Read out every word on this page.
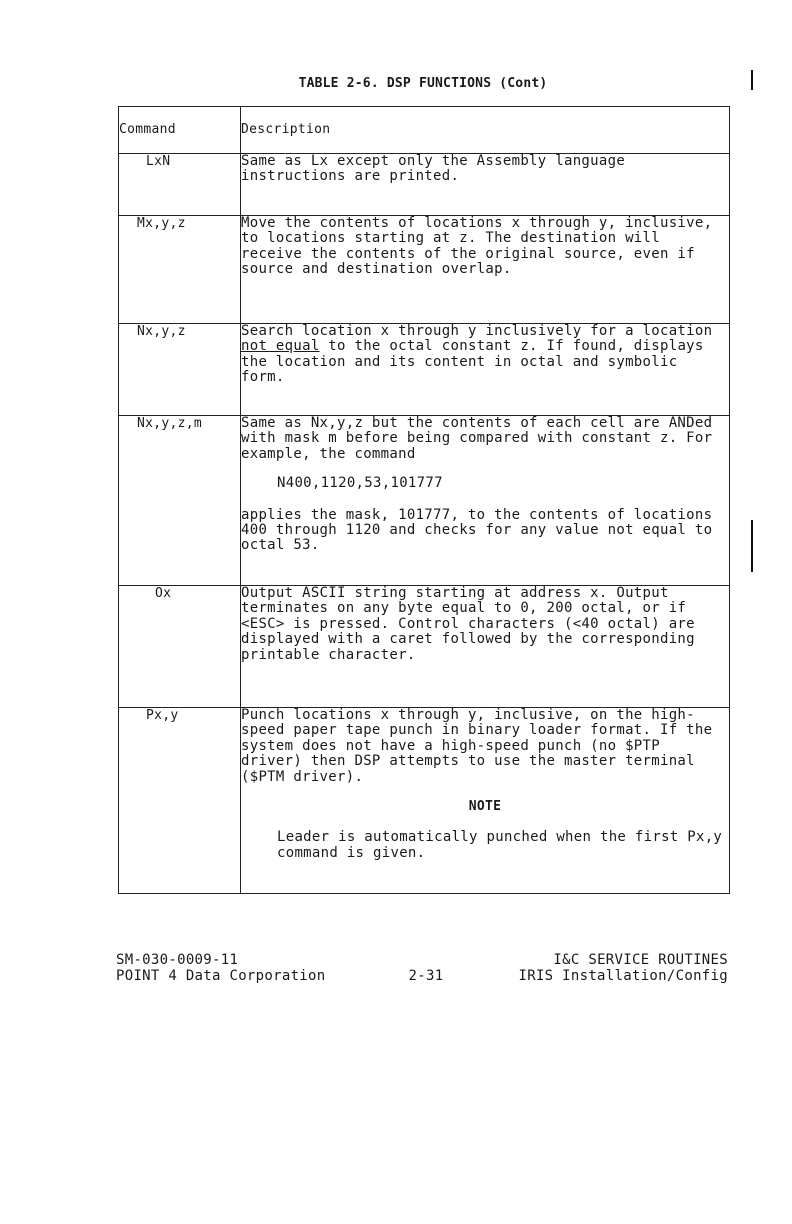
TABLE 2-6. DSP FUNCTIONS (Cont)
Command	Description
LxN	Same as Lx except only the Assembly language instructions are printed.

Mx,y,z	Move the contents of locations x through y, inclusive, to locations starting at z. The destination will receive the contents of the original source, even if source and destination overlap.

Nx,y,z	Search location x through y inclusively for a location not equal to the octal constant z. If found, displays the location and its content in octal and symbolic form.

Nx,y,z,m	Same as Nx,y,z but the contents of each cell are ANDed with mask m before being compared with constant z. For example, the command

N400,1120,53,101777

applies the mask, 101777, to the contents of locations 400 through 1120 and checks for any value not equal to octal 53.

Ox	Output ASCII string starting at address x. Output terminates on any byte equal to 0, 200 octal, or if <ESC> is pressed. Control characters (<40 octal) are displayed with a caret followed by the corresponding printable character.

Px,y	Punch locations x through y, inclusive, on the high-speed paper tape punch in binary loader format. If the system does not have a high-speed punch (no $PTP driver) then DSP attempts to use the master terminal ($PTM driver).

NOTE

Leader is automatically punched when the first Px,y command is given.

SM-030-0009-11	I&C SERVICE ROUTINES
POINT 4 Data Corporation	2-31	IRIS Installation/Config
